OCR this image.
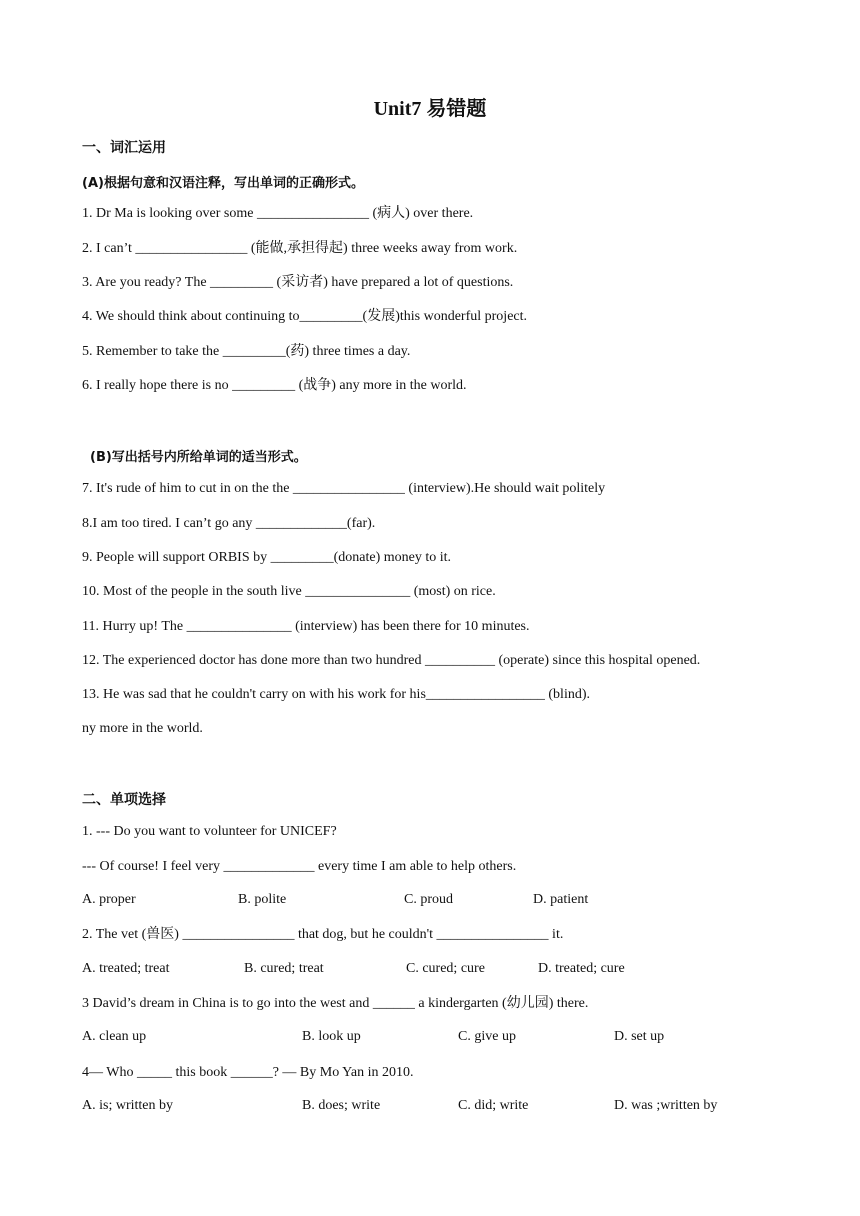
Unit7 易错题
一、词汇运用
(A)根据句意和汉语注释，写出单词的正确形式。
1. Dr Ma is looking over some ________________ (病人) over there.
2. I can’t ________________ (能做,承担得起) three weeks away from work.
3. Are you ready? The _________ (采访者) have prepared a lot of questions.
4. We should think about continuing to_________(发展)this wonderful project.
5. Remember to take the _________(药) three times a day.
6. I really hope there is no _________ (战争) any more in the world.
(B)写出括号内所给单词的适当形式。
7. It's rude of him to cut in on the the ________________ (interview).He should wait politely
8.I am too tired. I can’t go any _____________(far).
9. People will support ORBIS by _________(donate) money to it.
10. Most of the people in the south live _______________ (most) on rice.
11. Hurry up! The _______________ (interview) has been there for 10 minutes.
12. The experienced doctor has done more than two hundred __________ (operate) since this hospital opened.
13. He was sad that he couldn't carry on with his work for his_________________ (blind).
ny more in the world.
二、单项选择
1. --- Do you want to volunteer for UNICEF?
--- Of course! I feel very _____________ every time I am able to help others.
A. proper	B. polite	C. proud	D. patient
2. The vet (兽医) ________________ that dog, but he couldn't ________________ it.
A. treated; treat	B. cured; treat	C. cured; cure	D. treated; cure
3 David’s dream in China is to go into the west and ______ a kindergarten (幼儿园) there.
A. clean up	B. look up	C. give up	D. set up
4— Who _____ this book ______? — By Mo Yan in 2010.
A. is; written by	B. does; write	C. did; write	D. was ;written by
